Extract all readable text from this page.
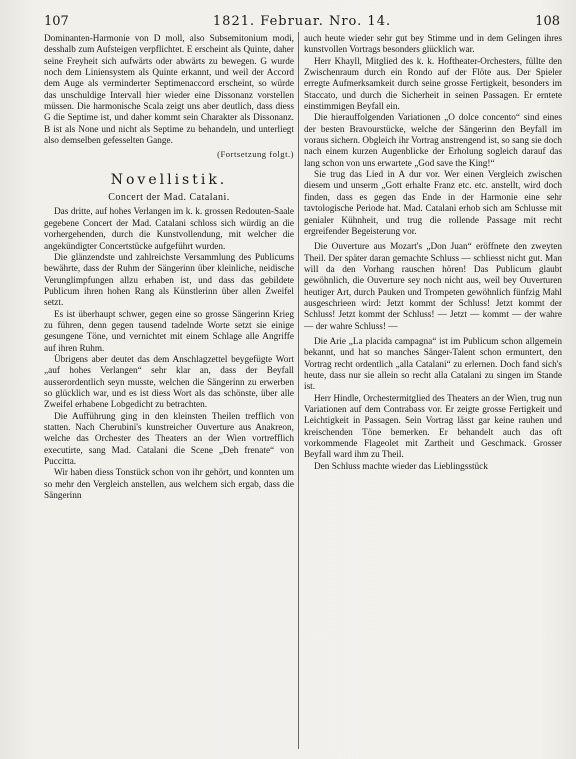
107	1821. Februar. Nro. 14.	108

Dominanten-Harmonie von D moll, also Subsemitonium modi, desshalb zum Aufsteigen verpflichtet. E erscheint als Quinte, daher seine Freyheit sich aufwärts oder abwärts zu bewegen. G wurde noch dem Liniensystem als Quinte erkannt, und weil der Accord dem Auge als verminderter Septimenaccord erscheint, so würde das unschuldige Intervall hier wieder eine Dissonanz vorstellen müssen. Die harmonische Scala zeigt uns aber deutlich, dass diess G die Septime ist, und daher kommt sein Charakter als Dissonanz. B ist als None und nicht als Septime zu behandeln, und unterliegt also demselben gefesselten Gange.

(Fortsetzung folgt.)

Novellistik.
Concert der Mad. Catalani.

Das dritte, auf hohes Verlangen im k. k. grossen Redouten-Saale gegebene Concert der Mad. Catalani schloss sich würdig an die vorhergehenden, durch die Kunstvollendung, mit welcher die angekündigter Concertstücke aufgeführt wurden.

Die glänzendste und zahlreichste Versammlung des Publicums bewährte, dass der Ruhm der Sängerinn über kleinliche, neidische Verunglimpfungen allzu erhaben ist, und dass das gebildete Publicum ihren hohen Rang als Künstlerinn über allen Zweifel setzt.

Es ist überhaupt schwer, gegen eine so grosse Sängerinn Krieg zu führen, denn gegen tausend tadelnde Worte setzt sie einige gesungene Töne, und vernichtet mit einem Schlage alle Angriffe auf ihren Ruhm.

Übrigens aber deutet das dem Anschlagzettel beygefügte Wort „auf hohes Verlangen“ sehr klar an, dass der Beyfall ausserordentlich seyn musste, welchen die Sängerinn zu erwerben so glücklich war, und es ist diess Wort als das schönste, über alle Zweifel erhabene Lobgedicht zu betrachten.

Die Aufführung ging in den kleinsten Theilen trefflich von statten. Nach Cherubini's kunstreicher Ouverture aus Anakreon, welche das Orchester des Theaters an der Wien vortrefflich executirte, sang Mad. Catalani die Scene „Deh frenate“ von Puccitta.

Wir haben diess Tonstück schon von ihr gehört, und konnten um so mehr den Vergleich anstellen, aus welchem sich ergab, dass die Sängerinn

auch heute wieder sehr gut bey Stimme und in dem Gelingen ihres kunstvollen Vortrags besonders glücklich war.

Herr Khayll, Mitglied des k. k. Hoftheater-Orchesters, füllte den Zwischenraum durch ein Rondo auf der Flöte aus. Der Spieler erregte Aufmerksamkeit durch seine grosse Fertigkeit, besonders im Staccato, und durch die Sicherheit in seinen Passagen. Er erntete einstimmigen Beyfall ein.

Die hierauffolgenden Variationen „O dolce concento“ sind eines der besten Bravourstücke, welche der Sängerinn den Beyfall im voraus sichern. Obgleich ihr Vortrag anstrengend ist, so sang sie doch nach einem kurzen Augenblicke der Erholung sogleich darauf das lang schon von uns erwartete „God save the King!“

Sie trug das Lied in A dur vor. Wer einen Vergleich zwischen diesem und unserm „Gott erhalte Franz etc. etc. anstellt, wird doch finden, dass es gegen das Ende in der Harmonie eine sehr tavtologische Periode hat. Mad. Catalani erhob sich am Schlusse mit genialer Kühnheit, und trug die rollende Passage mit recht ergreifender Begeisterung vor.

Die Ouverture aus Mozart's „Don Juan“ eröffnete den zweyten Theil. Der später daran gemachte Schluss — schliesst nicht gut. Man will da den Vorhang rauschen hören! Das Publicum glaubt gewöhnlich, die Ouverture sey noch nicht aus, weil bey Ouverturen heutiger Art, durch Pauken und Trompeten gewöhnlich fünfzig Mahl ausgeschrieen wird: Jetzt kommt der Schluss! Jetzt kommt der Schluss! Jetzt kommt der Schluss! — Jetzt — kommt — der wahre — der wahre Schluss! —

Die Arie „La placida campagna“ ist im Publicum schon allgemein bekannt, und hat so manches Sänger-Talent schon ermuntert, den Vortrag recht ordentlich „alla Catalani“ zu erlernen. Doch fand sich's heute, dass nur sie allein so recht alla Catalani zu singen im Stande ist.

Herr Hindle, Orchestermitglied des Theaters an der Wien, trug nun Variationen auf dem Contrabass vor. Er zeigte grosse Fertigkeit und Leichtigkeit in Passagen. Sein Vortrag lässt gar keine rauhen und kreischenden Töne bemerken. Er behandelt auch das oft vorkommende Flageolet mit Zartheit und Geschmack. Grosser Beyfall ward ihm zu Theil.

Den Schluss machte wieder das Lieblingsstück
